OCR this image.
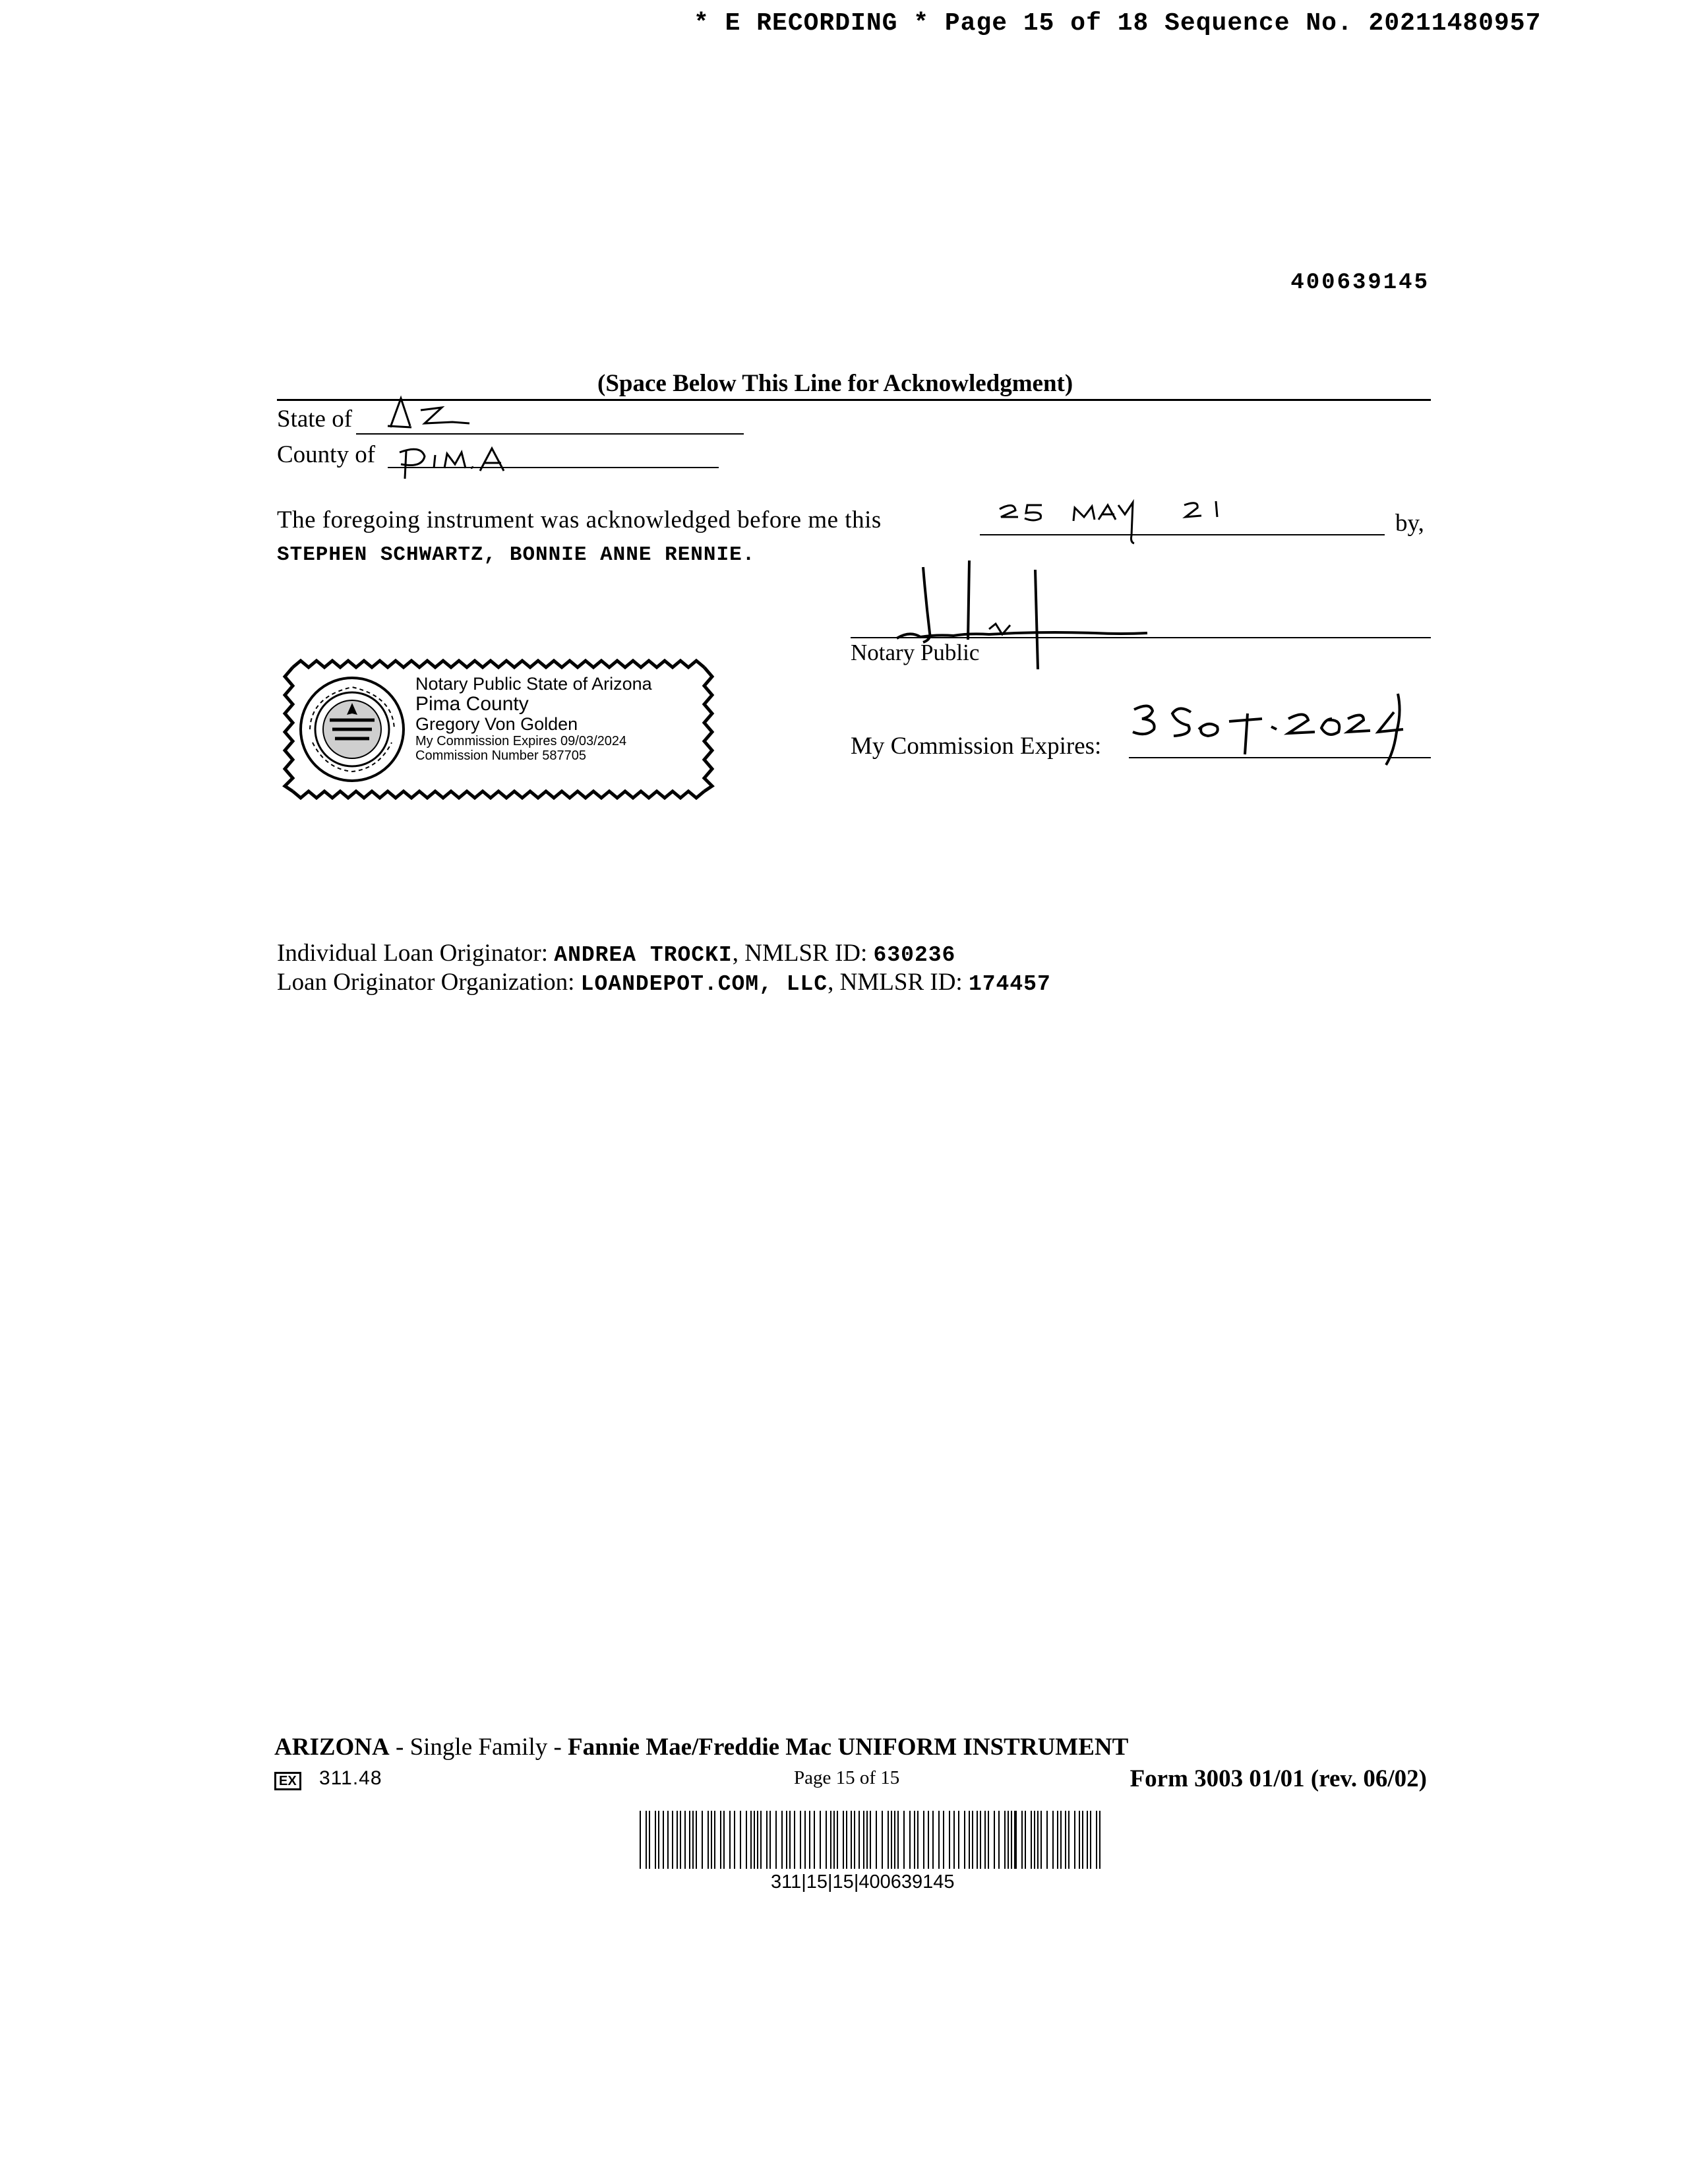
* E RECORDING * Page 15 of 18 Sequence No. 20211480957
400639145
(Space Below This Line for Acknowledgment)
State of
County of
The foregoing instrument was acknowledged before me this	by,
STEPHEN SCHWARTZ, BONNIE ANNE RENNIE.
Notary Public
Notary Public State of Arizona
Pima County
Gregory Von Golden
My Commission Expires 09/03/2024
Commission Number 587705	My Commission Expires:
Individual Loan Originator: ANDREA TROCKI, NMLSR ID: 630236
Loan Originator Organization: LOANDEPOT.COM, LLC, NMLSR ID: 174457
ARIZONA - Single Family - Fannie Mae/Freddie Mac UNIFORM INSTRUMENT
EX 311.48	Page 15 of 15	Form 3003 01/01 (rev. 06/02)
311|15|15|400639145
